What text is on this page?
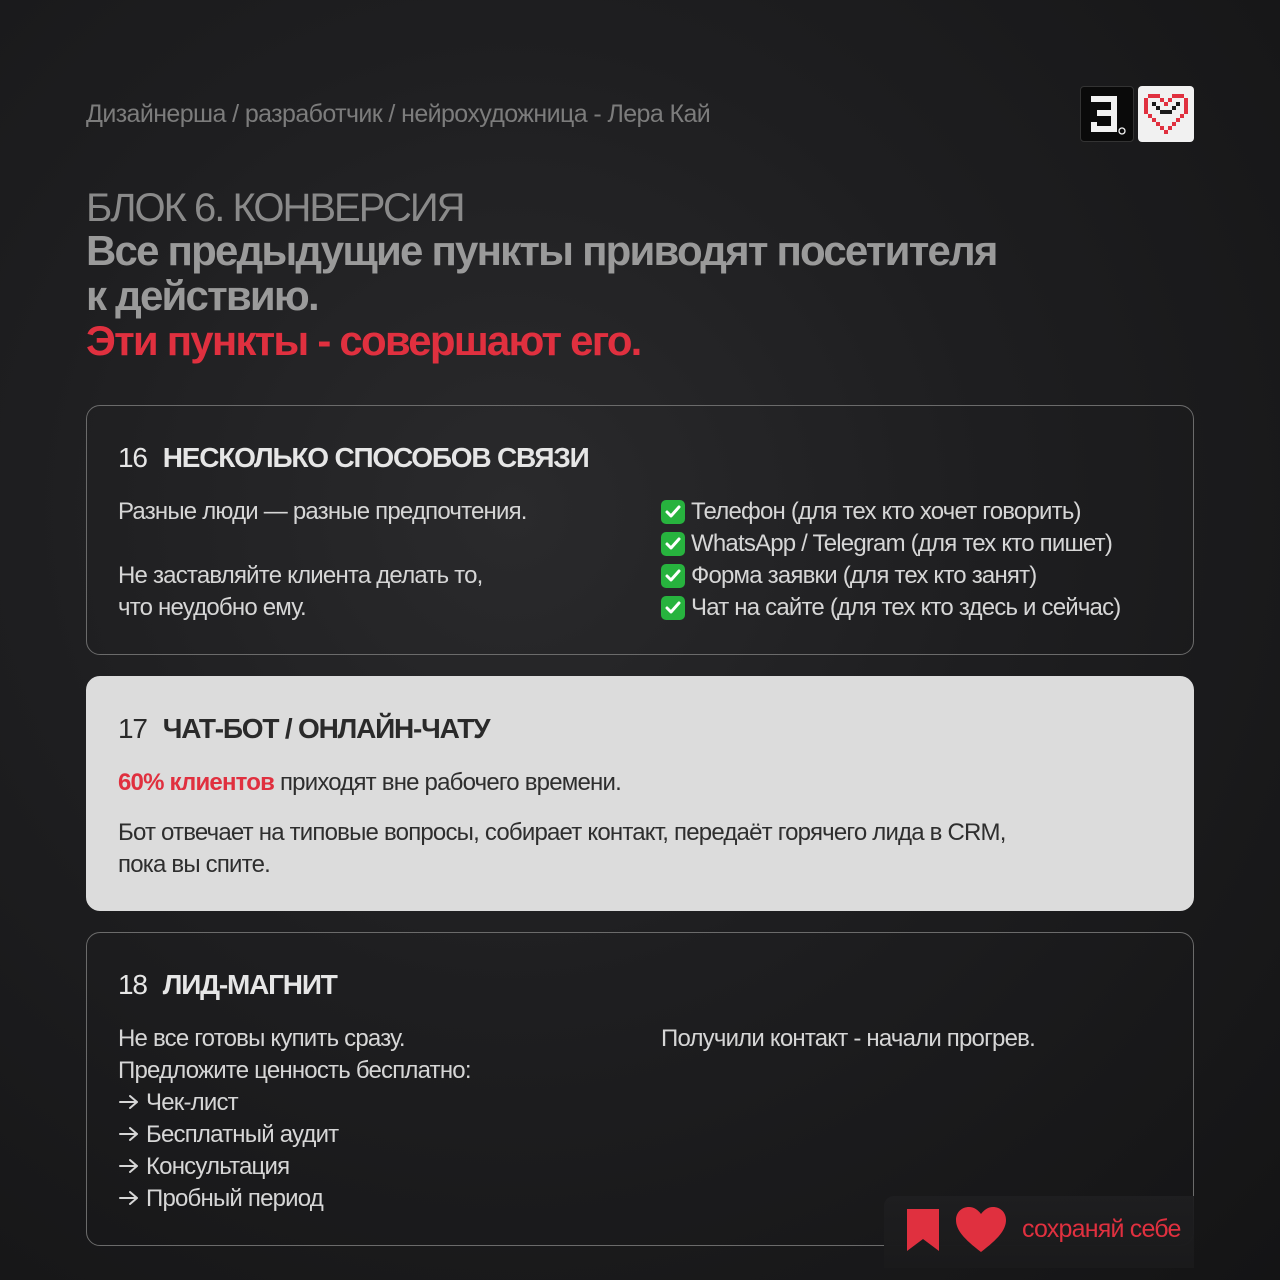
Дизайнерша / разработчик / нейрохудожница - Лера Кай
БЛОК 6. КОНВЕРСИЯ
Все предыдущие пункты приводят посетителя
к действию.
Эти пункты - совершают его.
16 НЕСКОЛЬКО СПОСОБОВ СВЯЗИ
Разные люди — разные предпочтения.
Не заставляйте клиента делать то,
что неудобно ему.
Телефон (для тех кто хочет говорить)
WhatsApp / Telegram (для тех кто пишет)
Форма заявки (для тех кто занят)
Чат на сайте (для тех кто здесь и сейчас)
17 ЧАТ-БОТ / ОНЛАЙН-ЧАТУ
60% клиентов приходят вне рабочего времени.
Бот отвечает на типовые вопросы, собирает контакт, передаёт горячего лида в CRM,
пока вы спите.
18 ЛИД-МАГНИТ
Не все готовы купить сразу.
Предложите ценность бесплатно:
Чек-лист
Бесплатный аудит
Консультация
Пробный период
Получили контакт - начали прогрев.
сохраняй себе
